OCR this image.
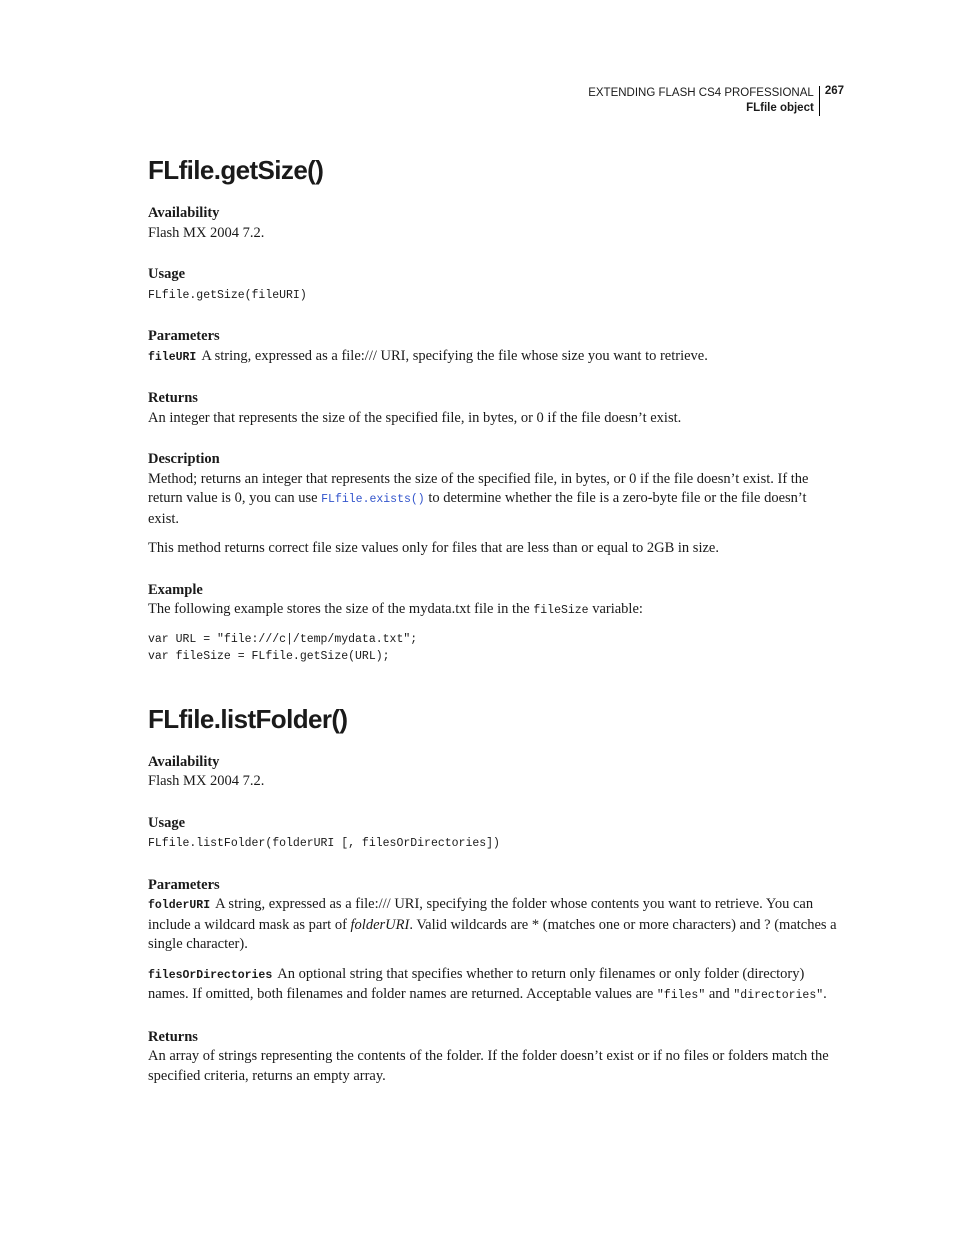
EXTENDING FLASH CS4 PROFESSIONAL
FLfile object
267
FLfile.getSize()
Availability

Flash MX 2004 7.2.

Usage

FLfile.getSize(fileURI)

Parameters

fileURI A string, expressed as a file:/// URI, specifying the file whose size you want to retrieve.

Returns

An integer that represents the size of the specified file, in bytes, or 0 if the file doesn’t exist.

Description

Method; returns an integer that represents the size of the specified file, in bytes, or 0 if the file doesn’t exist. If the return value is 0, you can use FLfile.exists() to determine whether the file is a zero-byte file or the file doesn’t exist.

This method returns correct file size values only for files that are less than or equal to 2GB in size.

Example

The following example stores the size of the mydata.txt file in the fileSize variable:

var URL = "file:///c|/temp/mydata.txt";
var fileSize = FLfile.getSize(URL);
FLfile.listFolder()
Availability

Flash MX 2004 7.2.

Usage

FLfile.listFolder(folderURI [, filesOrDirectories])

Parameters

folderURI A string, expressed as a file:/// URI, specifying the folder whose contents you want to retrieve. You can include a wildcard mask as part of folderURI. Valid wildcards are * (matches one or more characters) and ? (matches a single character).

filesOrDirectories An optional string that specifies whether to return only filenames or only folder (directory) names. If omitted, both filenames and folder names are returned. Acceptable values are "files" and "directories".

Returns

An array of strings representing the contents of the folder. If the folder doesn’t exist or if no files or folders match the specified criteria, returns an empty array.
